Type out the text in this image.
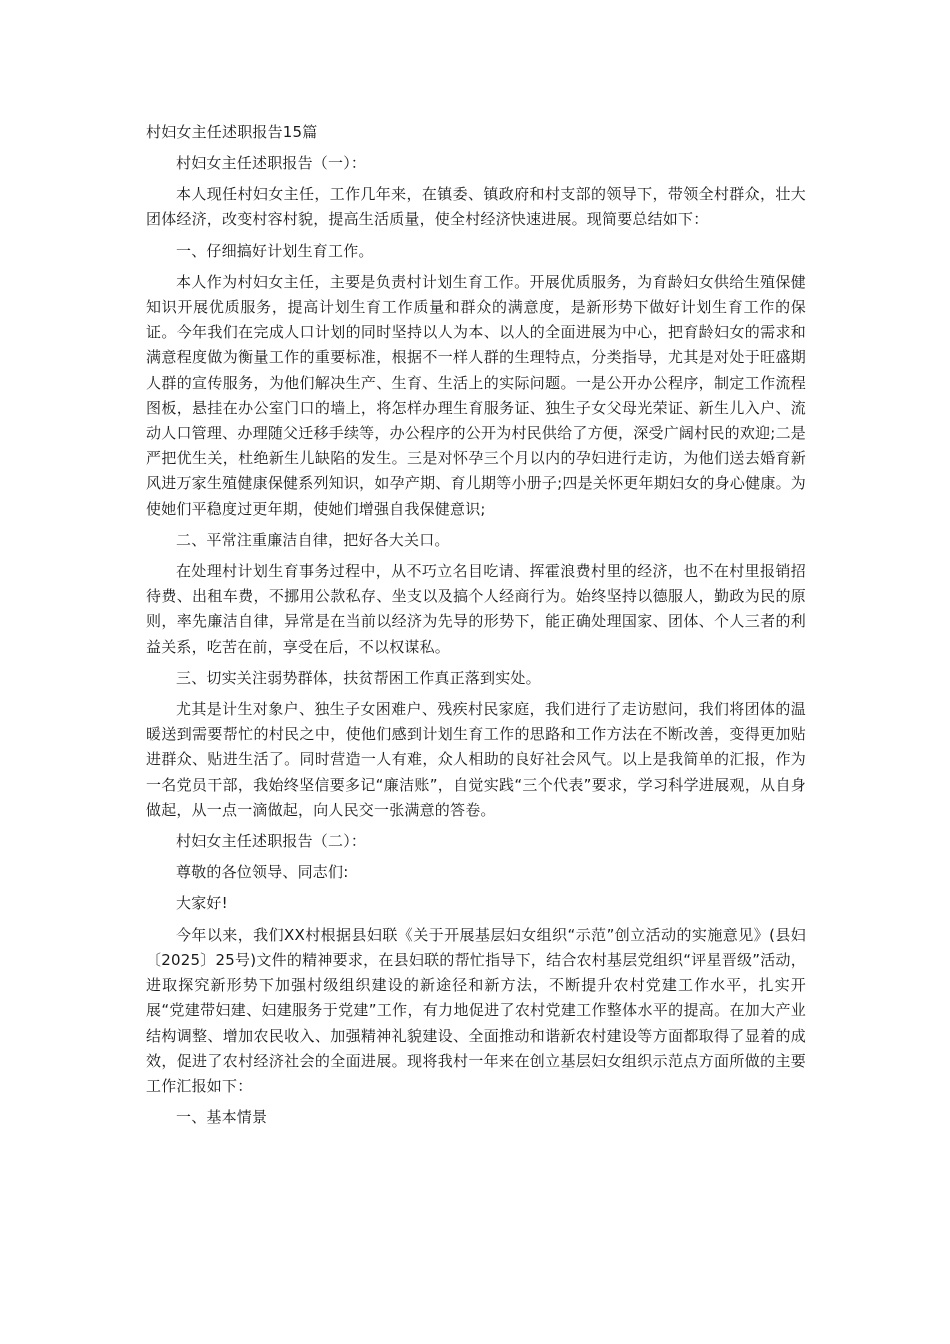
村妇女主任述职报告15篇

村妇女主任述职报告（一）：

本人现任村妇女主任，工作几年来，在镇委、镇政府和村支部的领导下，带领全村群众，壮大团体经济，改变村容村貌，提高生活质量，使全村经济快速进展。现简要总结如下：

一、仔细搞好计划生育工作。

本人作为村妇女主任，主要是负责村计划生育工作。开展优质服务，为育龄妇女供给生殖保健知识开展优质服务，提高计划生育工作质量和群众的满意度，是新形势下做好计划生育工作的保证。今年我们在完成人口计划的同时坚持以人为本、以人的全面进展为中心，把育龄妇女的需求和满意程度做为衡量工作的重要标准，根据不一样人群的生理特点，分类指导，尤其是对处于旺盛期人群的宣传服务，为他们解决生产、生育、生活上的实际问题。一是公开办公程序，制定工作流程图板，悬挂在办公室门口的墙上，将怎样办理生育服务证、独生子女父母光荣证、新生儿入户、流动人口管理、办理随父迁移手续等，办公程序的公开为村民供给了方便，深受广阔村民的欢迎;二是严把优生关，杜绝新生儿缺陷的发生。三是对怀孕三个月以内的孕妇进行走访，为他们送去婚育新风进万家生殖健康保健系列知识，如孕产期、育儿期等小册子;四是关怀更年期妇女的身心健康。为使她们平稳度过更年期，使她们增强自我保健意识;

二、平常注重廉洁自律，把好各大关口。

在处理村计划生育事务过程中，从不巧立名目吃请、挥霍浪费村里的经济，也不在村里报销招待费、出租车费，不挪用公款私存、坐支以及搞个人经商行为。始终坚持以德服人，勤政为民的原则，率先廉洁自律，异常是在当前以经济为先导的形势下，能正确处理国家、团体、个人三者的利益关系，吃苦在前，享受在后，不以权谋私。

三、切实关注弱势群体，扶贫帮困工作真正落到实处。

尤其是计生对象户、独生子女困难户、残疾村民家庭，我们进行了走访慰问，我们将团体的温暖送到需要帮忙的村民之中，使他们感到计划生育工作的思路和工作方法在不断改善，变得更加贴进群众、贴进生活了。同时营造一人有难，众人相助的良好社会风气。以上是我简单的汇报，作为一名党员干部，我始终坚信要多记“廉洁账”，自觉实践“三个代表”要求，学习科学进展观，从自身做起，从一点一滴做起，向人民交一张满意的答卷。

村妇女主任述职报告（二）：

尊敬的各位领导、同志们:

大家好!

今年以来，我们XX村根据县妇联《关于开展基层妇女组织“示范”创立活动的实施意见》(县妇〔2025〕25号)文件的精神要求，在县妇联的帮忙指导下，结合农村基层党组织“评星晋级”活动，进取探究新形势下加强村级组织建设的新途径和新方法，不断提升农村党建工作水平，扎实开展“党建带妇建、妇建服务于党建”工作，有力地促进了农村党建工作整体水平的提高。在加大产业结构调整、增加农民收入、加强精神礼貌建设、全面推动和谐新农村建设等方面都取得了显着的成效，促进了农村经济社会的全面进展。现将我村一年来在创立基层妇女组织示范点方面所做的主要工作汇报如下：

一、基本情景
